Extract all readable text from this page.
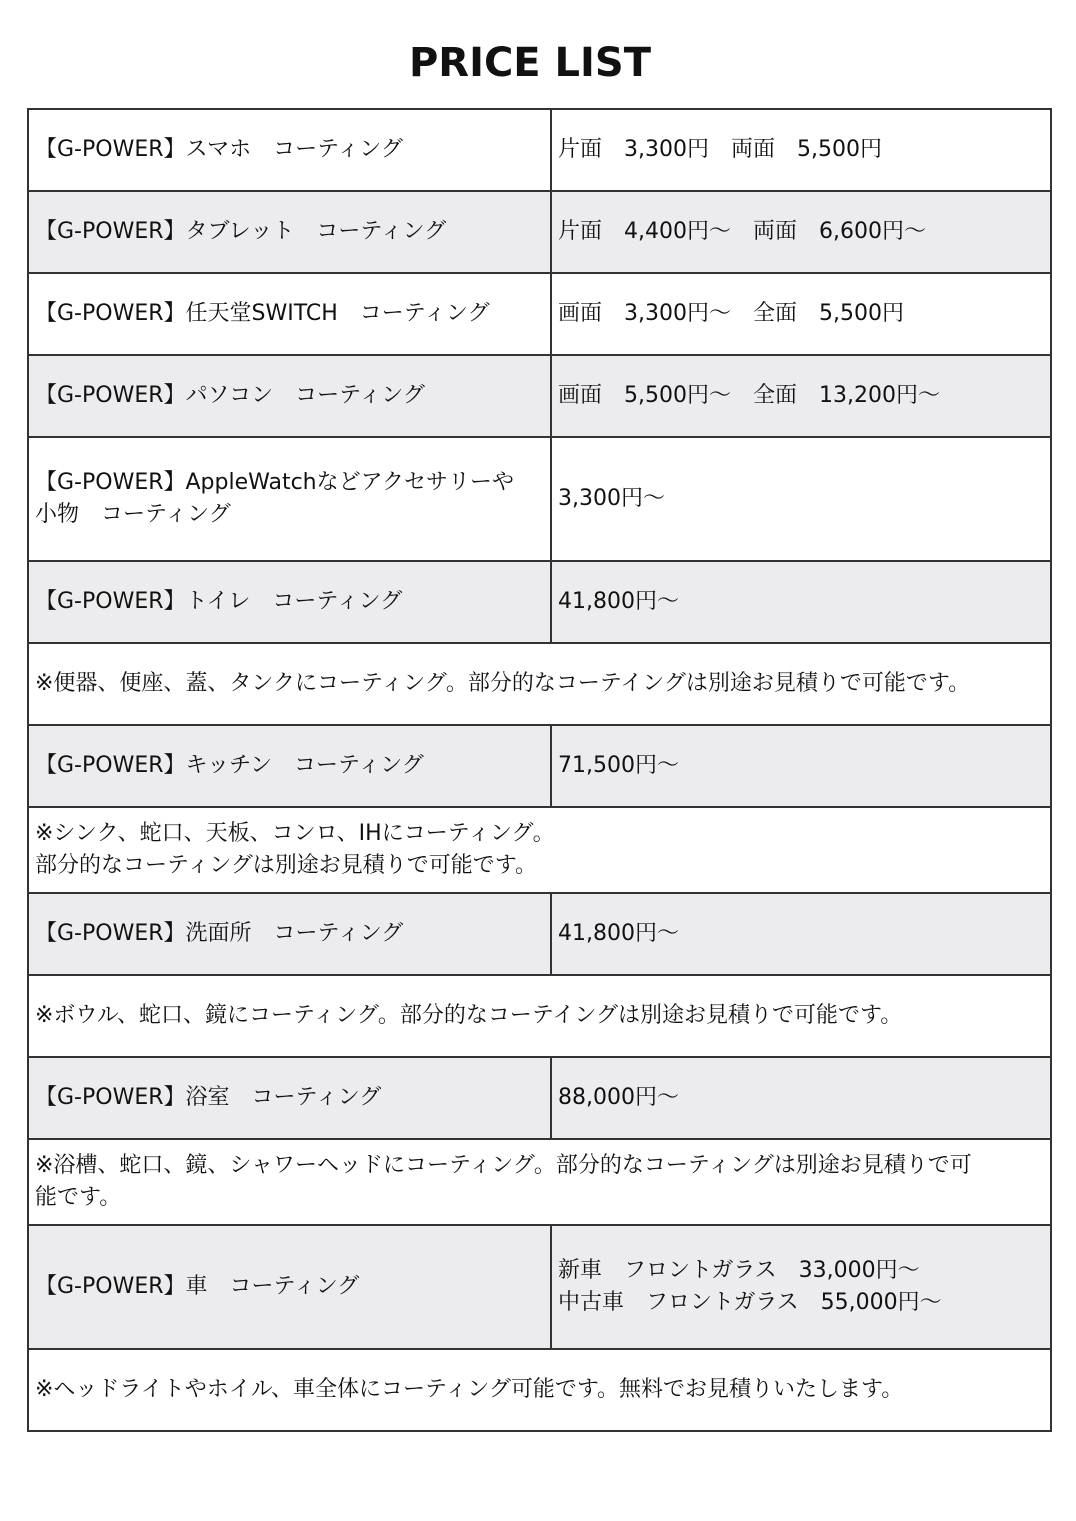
PRICE LIST
【G-POWER】スマホ　コーティング	片面　3,300円　両面　5,500円
【G-POWER】タブレット　コーティング	片面　4,400円～　両面　6,600円～
【G-POWER】任天堂SWITCH　コーティング	画面　3,300円～　全面　5,500円
【G-POWER】パソコン　コーティング	画面　5,500円～　全面　13,200円～

【G-POWER】AppleWatchなどアクセサリーや
小物　コーティング	3,300円～
【G-POWER】トイレ　コーティング	41,800円～
※便器、便座、蓋、タンクにコーティング。部分的なコーテイングは別途お見積りで可能です。	
【G-POWER】キッチン　コーティング	71,500円～

※シンク、蛇口、天板、コンロ、IHにコーティング。
部分的なコーティングは別途お見積りで可能です。	

【G-POWER】洗面所　コーティング	41,800円～
※ボウル、蛇口、鏡にコーティング。部分的なコーテイングは別途お見積りで可能です。	
【G-POWER】浴室　コーティング	88,000円～

※浴槽、蛇口、鏡、シャワーヘッドにコーティング。部分的なコーティングは別途お見積りで可
能です。	

【G-POWER】車　コーティング	新車　フロントガラス　33,000円～
中古車　フロントガラス　55,000円～

※ヘッドライトやホイル、車全体にコーティング可能です。無料でお見積りいたします。	
